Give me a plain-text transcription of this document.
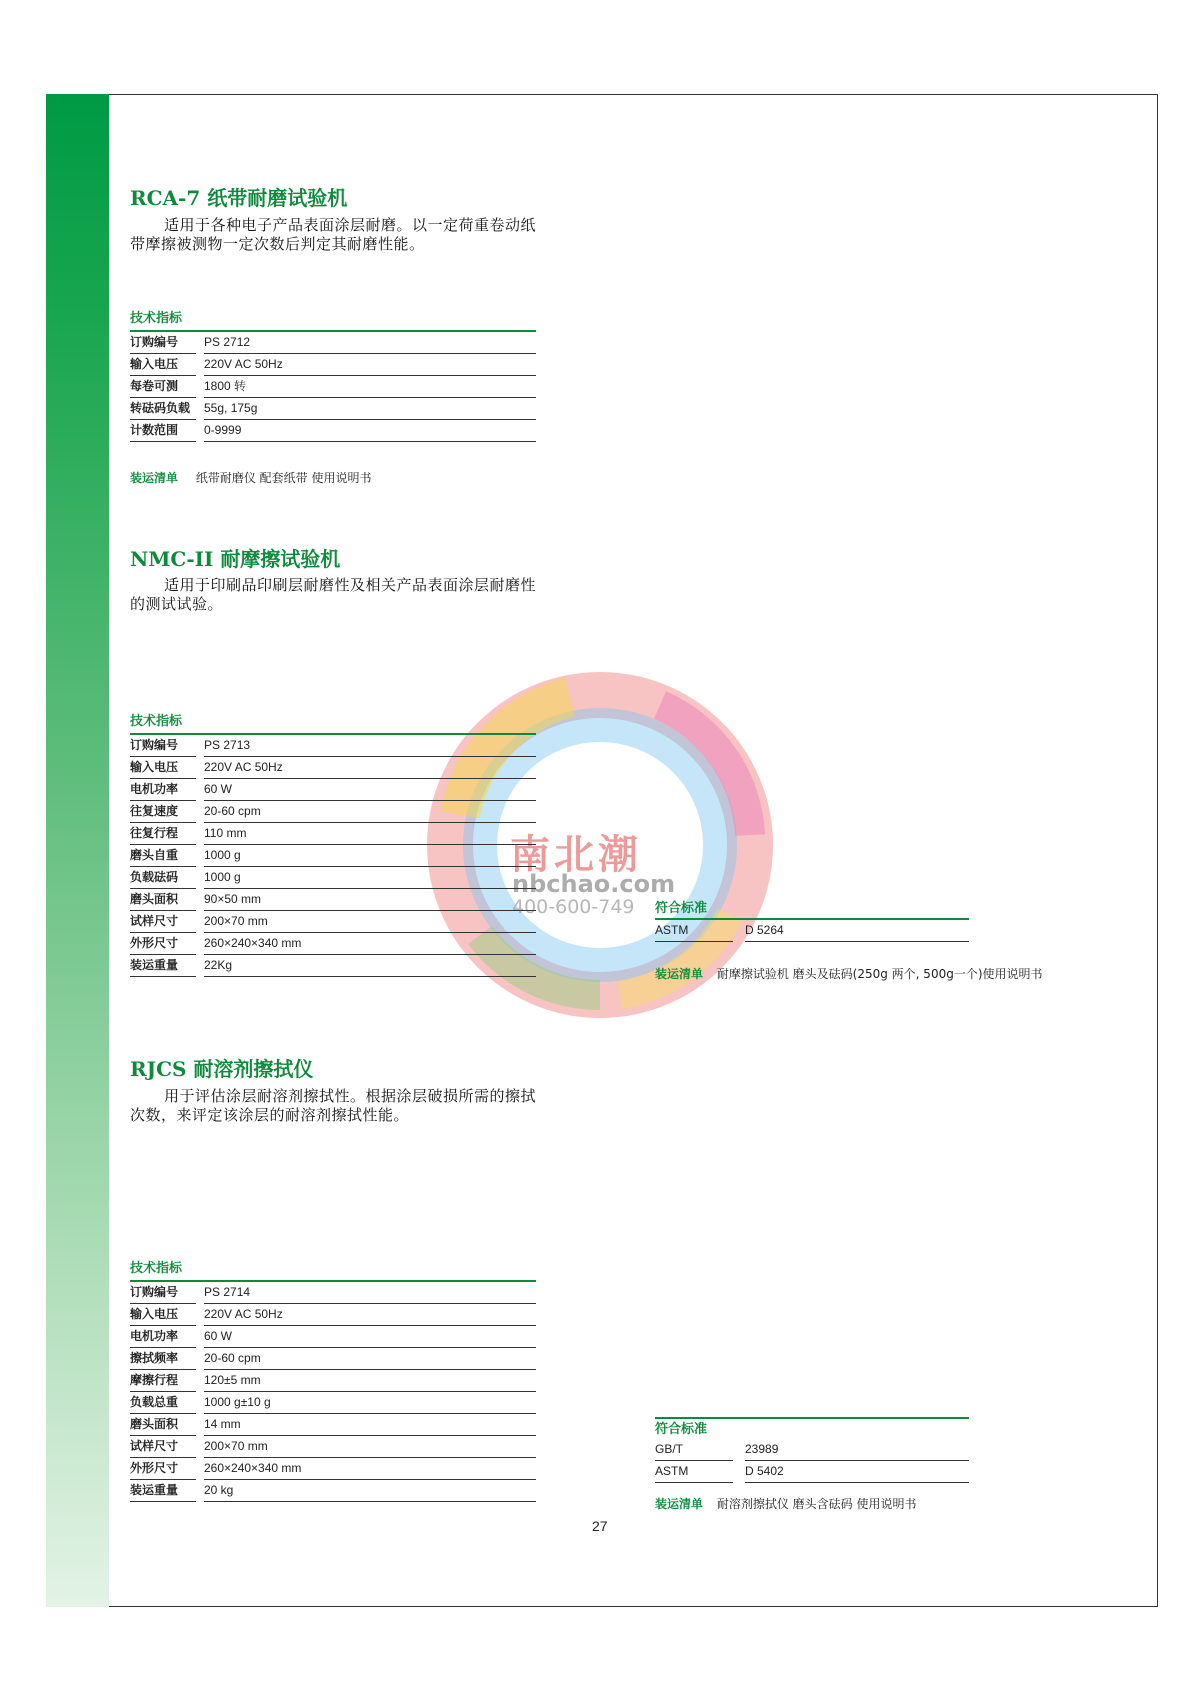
南北潮
nbchao.com
400-600-749
RCA-7 纸带耐磨试验机

适用于各种电子产品表面涂层耐磨。以一定荷重卷动纸带摩擦被测物一定次数后判定其耐磨性能。

技术指标
订购编号	PS 2712
输入电压	220V AC 50Hz
每卷可测	1800 转
转砝码负载	55g, 175g
计数范围	0-9999
装运清单 纸带耐磨仪 配套纸带 使用说明书
NMC-II 耐摩擦试验机

适用于印刷品印刷层耐磨性及相关产品表面涂层耐磨性的测试试验。

技术指标
订购编号	PS 2713
输入电压	220V AC 50Hz
电机功率	60 W
往复速度	20-60 cpm
往复行程	110 mm
磨头自重	1000 g
负载砝码	1000 g
磨头面积	90×50 mm
试样尺寸	200×70 mm
外形尺寸	260×240×340 mm
装运重量	22Kg
符合标准
ASTM	D 5264
装运清单 耐摩擦试验机 磨头及砝码(250g 两个, 500g一个)使用说明书
RJCS 耐溶剂擦拭仪

用于评估涂层耐溶剂擦拭性。根据涂层破损所需的擦拭次数，来评定该涂层的耐溶剂擦拭性能。

技术指标
订购编号	PS 2714
输入电压	220V AC 50Hz
电机功率	60 W
擦拭频率	20-60 cpm
摩擦行程	120±5 mm
负载总重	1000 g±10 g
磨头面积	14 mm
试样尺寸	200×70 mm
外形尺寸	260×240×340 mm
装运重量	20 kg
符合标准
GB/T	23989
ASTM	D 5402
装运清单 耐溶剂擦拭仪 磨头含砝码 使用说明书
27
